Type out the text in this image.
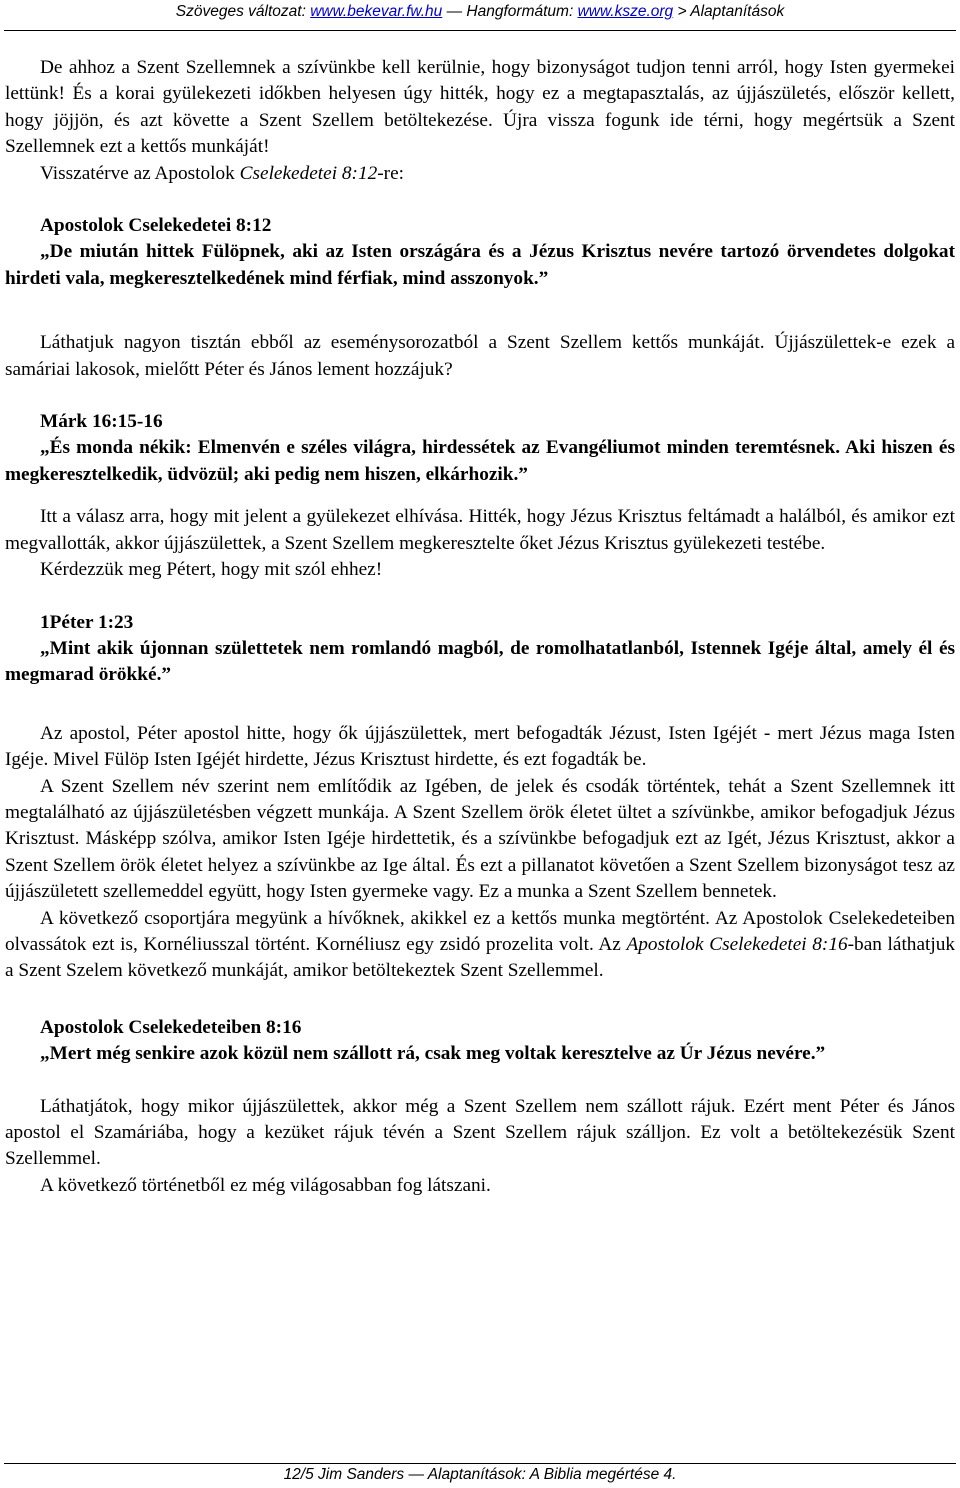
Szöveges változat: www.bekevar.fw.hu — Hangformátum: www.ksze.org > Alaptanítások

De ahhoz a Szent Szellemnek a szívünkbe kell kerülnie, hogy bizonyságot tudjon tenni arról, hogy Isten gyermekei lettünk! És a korai gyülekezeti időkben helyesen úgy hitték, hogy ez a megtapasztalás, az újjászületés, először kellett, hogy jöjjön, és azt követte a Szent Szellem betöltekezése. Újra vissza fogunk ide térni, hogy megértsük a Szent Szellemnek ezt a kettős munkáját!

Visszatérve az Apostolok Cselekedetei 8:12-re:

Apostolok Cselekedetei 8:12

„De miután hittek Fülöpnek, aki az Isten országára és a Jézus Krisztus nevére tartozó örvendetes dolgokat hirdeti vala, megkeresztelkedének mind férfiak, mind asszonyok.”

Láthatjuk nagyon tisztán ebből az eseménysorozatból a Szent Szellem kettős munkáját. Újjászülettek-e ezek a samáriai lakosok, mielőtt Péter és János lement hozzájuk?

Márk 16:15-16

„És monda nékik: Elmenvén e széles világra, hirdessétek az Evangéliumot minden teremtésnek. Aki hiszen és megkeresztelkedik, üdvözül; aki pedig nem hiszen, elkárhozik.”

Itt a válasz arra, hogy mit jelent a gyülekezet elhívása. Hitték, hogy Jézus Krisztus feltámadt a halálból, és amikor ezt megvallották, akkor újjászülettek, a Szent Szellem megkeresztelte őket Jézus Krisztus gyülekezeti testébe.

Kérdezzük meg Pétert, hogy mit szól ehhez!

1Péter 1:23

„Mint akik újonnan születtetek nem romlandó magból, de romolhatatlanból, Istennek Igéje által, amely él és megmarad örökké.”

Az apostol, Péter apostol hitte, hogy ők újjászülettek, mert befogadták Jézust, Isten Igéjét - mert Jézus maga Isten Igéje. Mivel Fülöp Isten Igéjét hirdette, Jézus Krisztust hirdette, és ezt fogadták be.

A Szent Szellem név szerint nem említődik az Igében, de jelek és csodák történtek, tehát a Szent Szellemnek itt megtalálható az újjászületésben végzett munkája. A Szent Szellem örök életet ültet a szívünkbe, amikor befogadjuk Jézus Krisztust. Másképp szólva, amikor Isten Igéje hirdettetik, és a szívünkbe befogadjuk ezt az Igét, Jézus Krisztust, akkor a Szent Szellem örök életet helyez a szívünkbe az Ige által. És ezt a pillanatot követően a Szent Szellem bizonyságot tesz az újjászületett szellemeddel együtt, hogy Isten gyermeke vagy. Ez a munka a Szent Szellem bennetek.

A következő csoportjára megyünk a hívőknek, akikkel ez a kettős munka megtörtént. Az Apostolok Cselekedeteiben olvassátok ezt is, Kornéliusszal történt. Kornéliusz egy zsidó prozelita volt. Az Apostolok Cselekedetei 8:16-ban láthatjuk a Szent Szelem következő munkáját, amikor betöltekeztek Szent Szellemmel.

Apostolok Cselekedeteiben 8:16

„Mert még senkire azok közül nem szállott rá, csak meg voltak keresztelve az Úr Jézus nevére.”

Láthatjátok, hogy mikor újjászülettek, akkor még a Szent Szellem nem szállott rájuk. Ezért ment Péter és János apostol el Szamáriába, hogy a kezüket rájuk tévén a Szent Szellem rájuk szálljon. Ez volt a betöltekezésük Szent Szellemmel.

A következő történetből ez még világosabban fog látszani.

12/5 Jim Sanders — Alaptanítások: A Biblia megértése 4.
